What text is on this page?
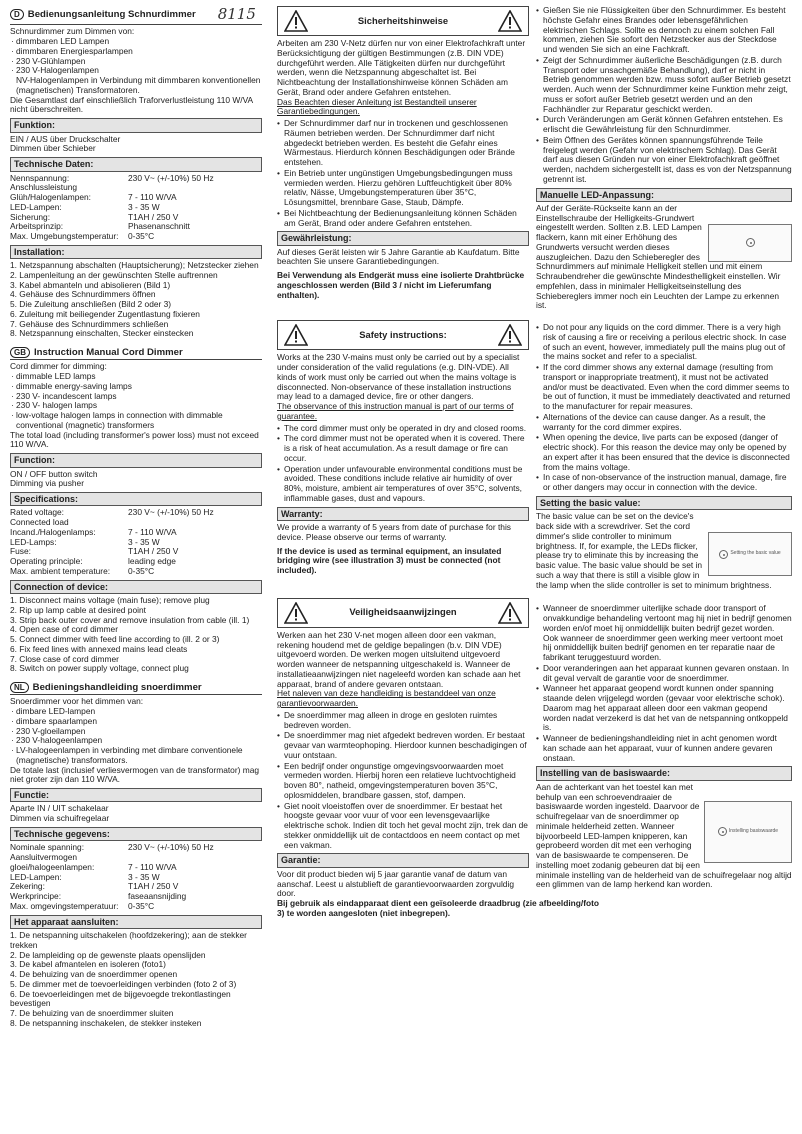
D Bedienungsanleitung Schnurdimmer 8115

Schnurdimmer zum Dimmen von:

· dimmbaren LED Lampen
· dimmbaren Energiesparlampen
· 230 V-Glühlampen
· 230 V-Halogenlampen

NV-Halogenlampen in Verbindung mit dimmbaren konventionellen (magnetischen) Transformatoren.

Die Gesamtlast darf einschließlich Traforverlustleistung 110 W/VA nicht überschreiten.

Funktion:

EIN / AUS über Druckschalter

Dimmen über Schieber

Technische Daten:
Nennspannung:	230 V~ (+/-10%) 50 Hz
Anschlussleistung	
Glüh/Halogenlampen:	7 - 110 W/VA
LED-Lampen:	3 - 35 W
Sicherung:	T1AH / 250 V
Arbeitsprinzip:	Phasenanschnitt
Max. Umgebungstemperatur:	0-35°C
Installation:
1. Netzspannung abschalten (Hauptsicherung); Netzstecker ziehen
2. Lampenleitung an der gewünschten Stelle auftrennen
3. Kabel abmanteln und abisolieren (Bild 1)
4. Gehäuse des Schnurdimmers öffnen
5. Die Zuleitung anschließen (Bild 2 oder 3)
6. Zuleitung mit beiliegender Zugentlastung fixieren
7. Gehäuse des Schnurdimmers schließen
8. Netzspannung einschalten, Stecker einstecken
GB Instruction Manual Cord Dimmer

Cord dimmer for dimming:

· dimmable LED lamps
· dimmable energy-saving lamps
· 230 V- incandescent lamps
· 230 V- halogen lamps
· low-voltage halogen lamps in connection with dimmable conventional (magnetic) transformers

The total load (including transformer's power loss) must not exceed 110 W/VA.

Function:

ON / OFF button switch

Dimming via pusher

Specifications:
Rated voltage:	230 V~ (+/-10%) 50 Hz
Connected load	
Incand./Halogenlamps:	7 - 110 W/VA
LED-Lamps:	3 - 35 W
Fuse:	T1AH / 250 V
Operating principle:	leading edge
Max. ambient temperature:	0-35°C
Connection of device:
1. Disconnect mains voltage (main fuse); remove plug
2. Rip up lamp cable at desired point
3. Strip back outer cover and remove insulation from cable (ill. 1)
4. Open case of cord dimmer
5. Connect dimmer with feed line according to (ill. 2 or 3)
6. Fix feed lines with annexed mains lead cleats
7. Close case of cord dimmer
8. Switch on power supply voltage, connect plug
NL Bedieningshandleiding snoerdimmer

Snoerdimmer voor het dimmen van:

· dimbare LED-lampen
· dimbare spaarlampen
· 230 V-gloeilampen
· 230 V-halogeenlampen
· LV-halogeenlampen in verbinding met dimbare conventionele (magnetische) transformators.

De totale last (inclusief verliesvermogen van de transformator) mag niet groter zijn dan 110 W/VA.

Functie:

Aparte IN / UIT schakelaar

Dimmen via schuifregelaar

Technische gegevens:
Nominale spanning:	230 V~ (+/-10%) 50 Hz
Aansluitvermogen	
gloei/halogeenlampen:	7 - 110 W/VA
LED-Lampen:	3 - 35 W
Zekering:	T1AH / 250 V
Werkprincipe:	faseaansnijding
Max. omgevingstemperatuur:	0-35°C
Het apparaat aansluiten:
1. De netspanning uitschakelen (hoofdzekering); aan de stekker trekken
2. De lampleiding op de gewenste plaats openslijden
3. De kabel afmantelen en isoleren (foto1)
4. De behuizing van de snoerdimmer openen
5. De dimmer met de toevoerleidingen verbinden (foto 2 of 3)
6. De toevoerleidingen met de bijgevoegde trekontlastingen bevestigen
7. De behuizing van de snoerdimmer sluiten
8. De netspanning inschakelen, de stekker insteken
Sicherheitshinweise

Arbeiten am 230 V-Netz dürfen nur von einer Elektrofachkraft unter Berücksichtigung der gültigen Bestimmungen (z.B. DIN VDE) durchgeführt werden. Alle Tätigkeiten dürfen nur durchgeführt werden, wenn die Netzspannung abgeschaltet ist. Bei Nichtbeachtung der Installationshinweise können Schäden am Gerät, Brand oder andere Gefahren entstehen.

Das Beachten dieser Anleitung ist Bestandteil unserer Garantiebedingungen.

• Der Schnurdimmer darf nur in trockenen und geschlossenen Räumen betrieben werden. Der Schnurdimmer darf nicht abgedeckt betrieben werden. Es besteht die Gefahr eines Wärmestaus. Hierdurch können Beschädigungen oder Brände entstehen.
• Ein Betrieb unter ungünstigen Umgebungsbedingungen muss vermieden werden. Hierzu gehören Luftfeuchtigkeit über 80% relativ, Nässe, Umgebungstemperaturen über 35°C, Lösungsmittel, brennbare Gase, Staub, Dämpfe.
• Bei Nichtbeachtung der Bedienungsanleitung können Schäden am Gerät, Brand oder andere Gefahren entstehen.
Gewährleistung:

Auf dieses Gerät leisten wir 5 Jahre Garantie ab Kaufdatum. Bitte beachten Sie unsere Garantiebedingungen.

Bei Verwendung als Endgerät muss eine isolierte Drahtbrücke angeschlossen werden (Bild 3 / nicht im Lieferumfang enthalten).

Safety instructions:

Works at the 230 V-mains must only be carried out by a specialist under consideration of the valid regulations (e.g. DIN-VDE). All kinds of work must only be carried out when the mains voltage is disconnected. Non-observance of these installation instructions may lead to a damaged device, fire or other dangers.

The observance of this instruction manual is part of our terms of guarantee.

• The cord dimmer must only be operated in dry and closed rooms.
• The cord dimmer must not be operated when it is covered. There is a risk of heat accumulation. As a result damage or fire can occur.
• Operation under unfavourable environmental conditions must be avoided. These conditions include relative air humidity of over 80%, moisture, ambient air temperatures of over 35°C, solvents, inflammable gases, dust and vapours.
Warranty:

We provide a warranty of 5 years from date of purchase for this device. Please observe our terms of warranty.

If the device is used as terminal equipment, an insulated bridging wire (see illustration 3) must be connected (not included).

Veiligheidsaanwijzingen

Werken aan het 230 V-net mogen alleen door een vakman, rekening houdend met de geldige bepalingen (b.v. DIN VDE) uitgevoerd worden. De werken mogen uitsluitend uitgevoerd worden wanneer de netspanning uitgeschakeld is. Wanneer de installatieaanwijzingen niet nageleefd worden kan schade aan het apparaat, brand of andere gevaren ontstaan.

Het naleven van deze handleiding is bestanddeel van onze garantievoorwaarden.

• De snoerdimmer mag alleen in droge en gesloten ruimtes bedreven worden.
• De snoerdimmer mag niet afgedekt bedreven worden. Er bestaat gevaar van warmteophoping. Hierdoor kunnen beschadigingen of vuur ontstaan.
• Een bedrijf onder ongunstige omgevingsvoorwaarden moet vermeden worden. Hierbij horen een relatieve luchtvochtigheid boven 80°, natheid, omgevingstemperaturen boven 35°C, oplosmiddelen, brandbare gassen, stof, dampen.
• Giet nooit vloeistoffen over de snoerdimmer. Er bestaat het hoogste gevaar voor vuur of voor een levensgevaarlijke elektrische schok. Indien dit toch het geval mocht zijn, trek dan de stekker onmiddellijk uit de contactdoos en neem contact op met een vakman.
Garantie:

Voor dit product bieden wij 5 jaar garantie vanaf de datum van aanschaf. Leest u alstublieft de garantievoorwaarden zorgvuldig door.

Bij gebruik als eindapparaat dient een geïsoleerde draadbrug (zie afbeelding/foto 3) te worden aangesloten (niet inbegrepen).

• Gießen Sie nie Flüssigkeiten über den Schnurdimmer. Es besteht höchste Gefahr eines Brandes oder lebensgefährlichen elektrischen Schlags. Sollte es dennoch zu einem solchen Fall kommen, ziehen Sie sofort den Netzstecker aus der Steckdose und wenden Sie sich an eine Fachkraft.
• Zeigt der Schnurdimmer äußerliche Beschädigungen (z.B. durch Transport oder unsachgemäße Behandlung), darf er nicht in Betrieb genommen werden bzw. muss sofort außer Betrieb gesetzt werden. Auch wenn der Schnurdimmer keine Funktion mehr zeigt, muss er sofort außer Betrieb gesetzt werden und an den Fachhändler zur Reparatur geschickt werden.
• Durch Veränderungen am Gerät können Gefahren entstehen. Es erlischt die Gewährleistung für den Schnurdimmer.
• Beim Öffnen des Gerätes können spannungsführende Teile freigelegt werden (Gefahr von elektrischem Schlag). Das Gerät darf aus diesen Gründen nur von einer Elektrofachkraft geöffnet werden, nachdem sichergestellt ist, dass es von der Netzspannung getrennt ist.
Manuelle LED-Anpassung:

Auf der Geräte-Rückseite kann an der Einstellschraube der Helligkeits-Grundwert eingestellt werden. Sollten z.B. LED Lampen flackern, kann mit einer Erhöhung des Grundwerts versucht werden dieses auszugleichen. Dazu den Schieberegler des Schnurdimmers auf minimale Helligkeit stellen und mit einem Schraubendreher die gewünschte Mindesthelligkeit einstellen. Wir empfehlen, dass in minimaler Helligkeitseinstellung des Schiebereglers immer noch ein Leuchten der Lampe zu erkennen ist.

• Do not pour any liquids on the cord dimmer. There is a very high risk of causing a fire or receiving a perilous electric shock. In case of such an event, however, immediately pull the mains plug out of the mains socket and refer to a specialist.
• If the cord dimmer shows any external damage (resulting from transport or inappropriate treatment), it must not be activated and/or must be deactivated. Even when the cord dimmer seems to be out of function, it must be immediately deactivated and returned to the manufacturer for repair measures.
• Alternations of the device can cause danger. As a result, the warranty for the cord dimmer expires.
• When opening the device, live parts can be exposed (danger of electric shock). For this reason the device may only be opened by an expert after it has been ensured that the device is disconnected from the mains voltage.
• In case of non-observance of the instruction manual, damage, fire or other dangers may occur in connection with the device.
Setting the basic value:
Setting the basic value

The basic value can be set on the device's back side with a screwdriver. Set the cord dimmer's slide controller to minimum brightness. If, for example, the LEDs flicker, please try to eliminate this by increasing the basic value. The basic value should be set in such a way that there is still a visible glow in the lamp when the slide controller is set to minimum brightness.

• Wanneer de snoerdimmer uiterlijke schade door transport of onvakkundige behandeling vertoont mag hij niet in bedrijf genomen worden en/of moet hij onmiddellijk buiten bedrijf gezet worden. Ook wanneer de snoerdimmer geen werking meer vertoont moet hij onmiddellijk buiten bedrijf genomen en ter reparatie naar de fabrikant teruggestuurd worden.
• Door veranderingen aan het apparaat kunnen gevaren onstaan. In dit geval vervalt de garantie voor de snoerdimmer.
• Wanneer het apparaat geopend wordt kunnen onder spanning staande delen vrijgelegd worden (gevaar voor elektrische schok). Daarom mag het apparaat alleen door een vakman geopend worden nadat verzekerd is dat het van de netspanning ontkoppeld is.
• Wanneer de bedieningshandleiding niet in acht genomen wordt kan schade aan het apparaat, vuur of kunnen andere gevaren onstaan.
Instelling van de basiswaarde:
Instelling basiswaarde

Aan de achterkant van het toestel kan met behulp van een schroevendraaier de basiswaarde worden ingesteld. Daarvoor de schuifregelaar van de snoerdimmer op minimale helderheid zetten. Wanneer bijvoorbeeld LED-lampen knipperen, kan geprobeerd worden dit met een verhoging van de basiswaarde te compenseren. De instelling moet zodanig gebeuren dat bij een minimale instelling van de helderheid van de schuifregelaar nog altijd een glimmen van de lamp herkend kan worden.
